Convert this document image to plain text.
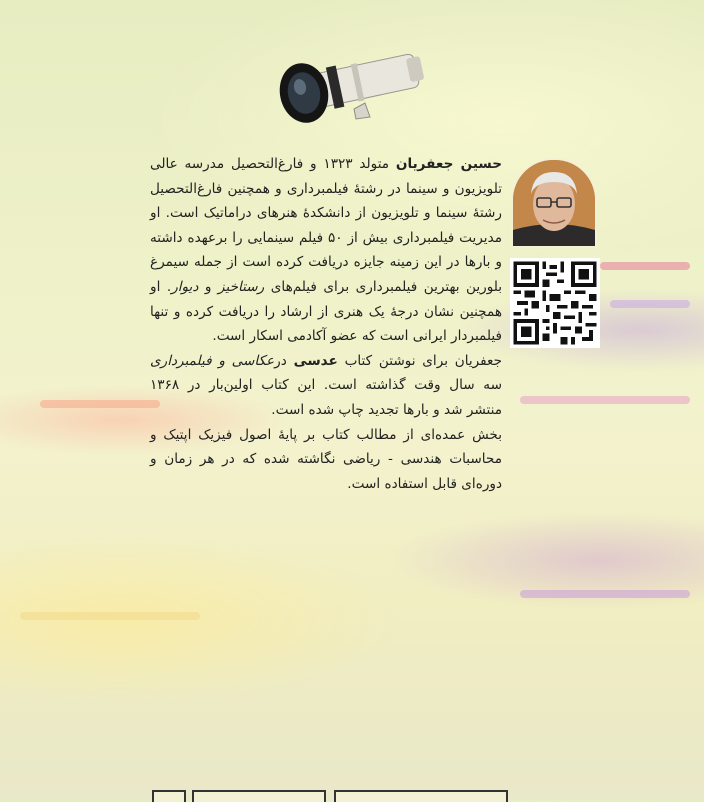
حسین جعفریان متولد ۱۳۲۳ و فارغ‌التحصیل مدرسه عالی تلویزیون و سینما در رشتهٔ فیلمبرداری و همچنین فارغ‌التحصیل رشتهٔ سینما و تلویزیون از دانشکدهٔ هنرهای دراماتیک است. او مدیریت فیلمبرداری بیش از ۵۰ فیلم سینمایی را برعهده داشته و بارها در این زمینه جایزه دریافت کرده است از جمله سیمرغ بلورین بهترین فیلمبرداری برای فیلم‌های رستاخیز و دیوار. او همچنین نشان درجهٔ یک هنری از ارشاد را دریافت کرده و تنها فیلمبردار ایرانی است که عضو آکادمی اسکار است.

جعفریان برای نوشتن کتاب عدسی درعکاسی و فیلمبرداری سه سال وقت گذاشته است. این کتاب اولین‌بار در ۱۳۶۸ منتشر شد و بارها تجدید چاپ شده است.

بخش عمده‌ای از مطالب کتاب بر پایهٔ اصول فیزیک اپتیک و محاسبات هندسی - ریاضی نگاشته شده که در هر زمان و دوره‌ای قابل استفاده است.
